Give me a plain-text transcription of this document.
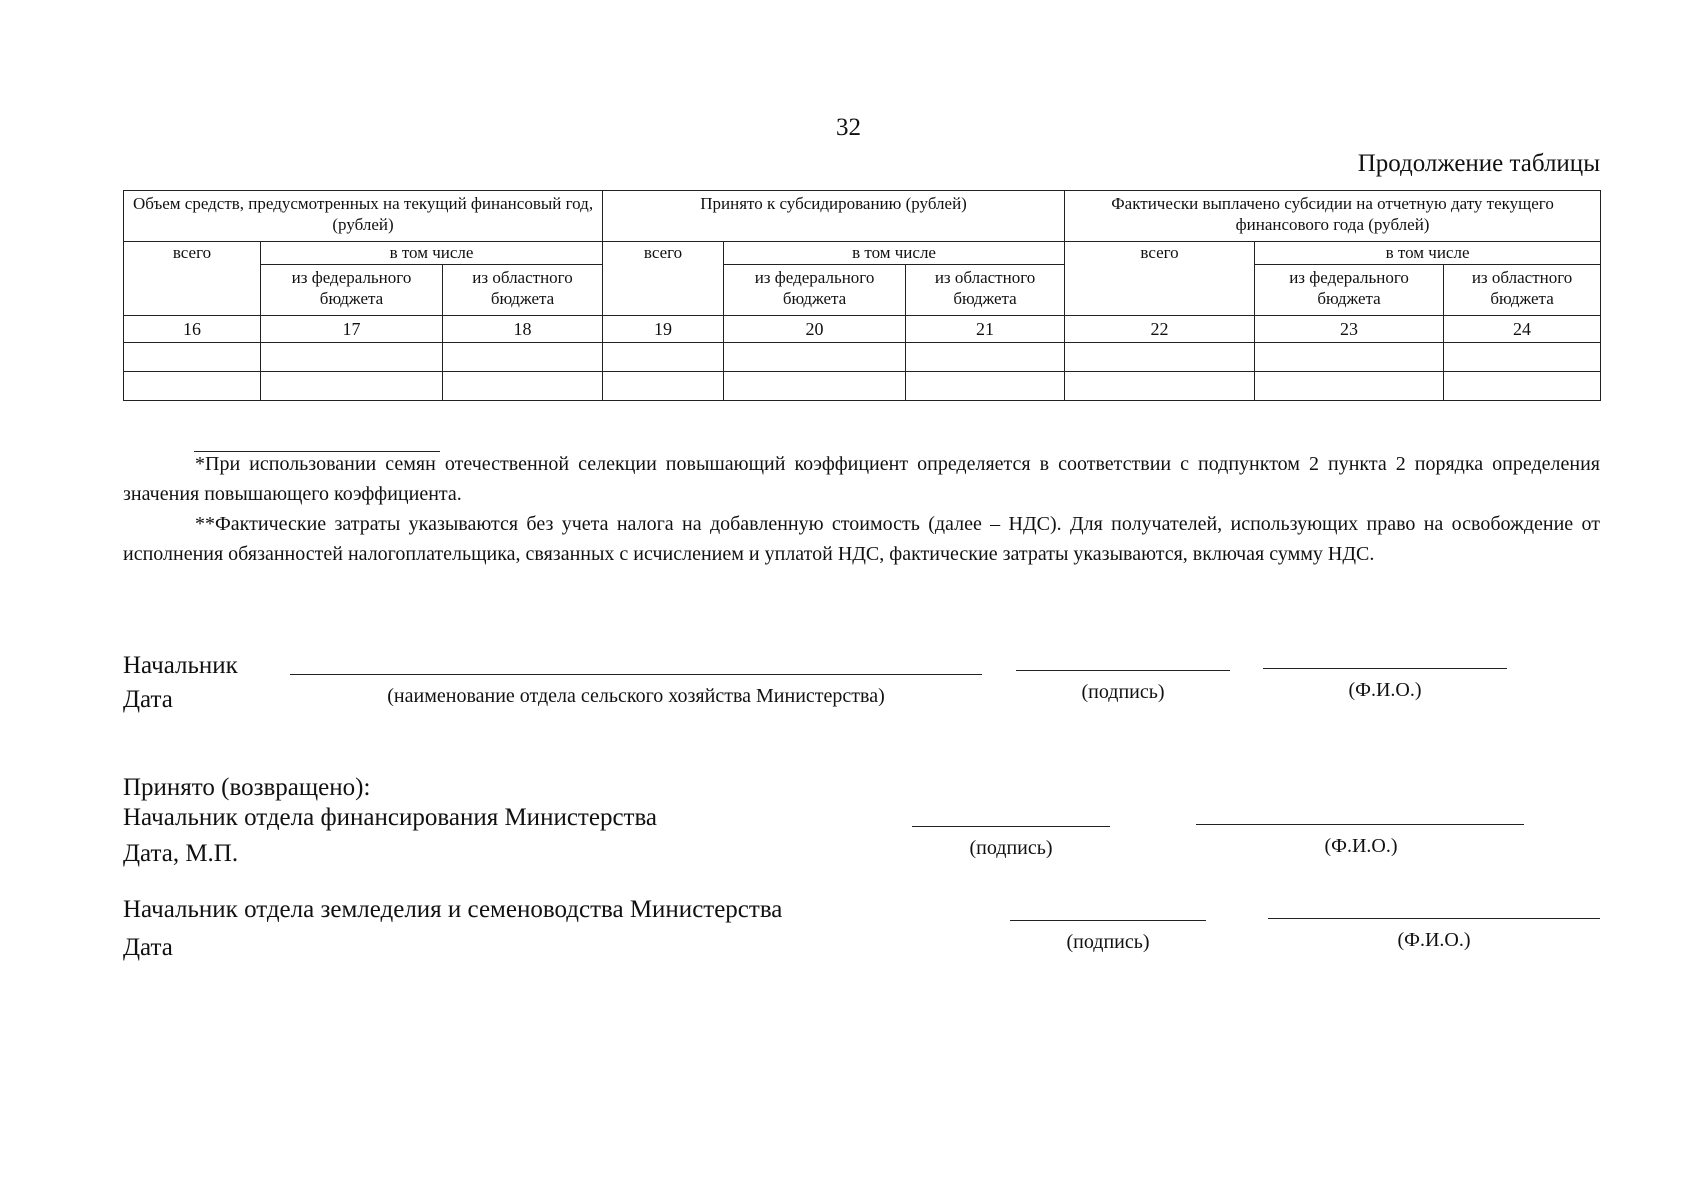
32
Продолжение таблицы
Объем средств, предусмотренных на текущий финансовый год, (рублей)			Принято к субсидированию (рублей)			Фактически выплачено субсидии на отчетную дату текущего финансового года (рублей)		
всего	в том числе		всего	в том числе		всего	в том числе	
	из федерального бюджета	из областного бюджета		из федерального бюджета	из областного бюджета		из федерального бюджета	из областного бюджета
16	17	18	19	20	21	22	23	24

*При использовании семян отечественной селекции повышающий коэффициент определяется в соответствии с подпунктом 2 пункта 2 порядка определения значения повышающего коэффициента.

**Фактические затраты указываются без учета налога на добавленную стоимость (далее – НДС). Для получателей, использующих право на освобождение от исполнения обязанностей налогоплательщика, связанных с исчислением и уплатой НДС, фактические затраты указываются, включая сумму НДС.

Начальник
Дата	(наименование отдела сельского хозяйства Министерства)	(подпись)	(Ф.И.О.)
Принято (возвращено):
Начальник отдела финансирования Министерства
Дата, М.П.	(подпись)	(Ф.И.О.)
Начальник отдела земледелия и семеноводства Министерства
Дата	(подпись)	(Ф.И.О.)
